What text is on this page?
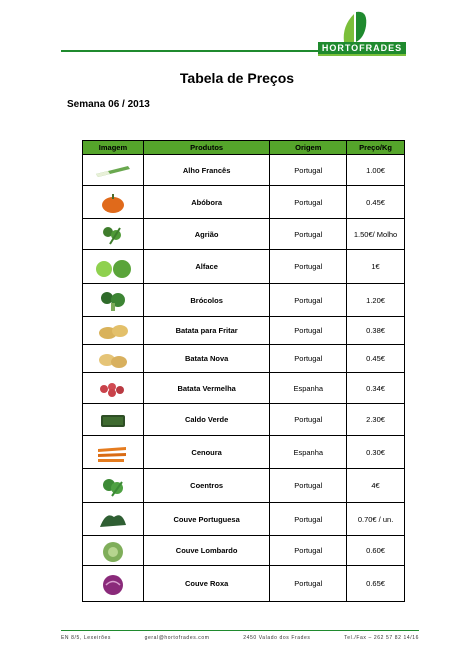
HORTOFRADES
Tabela de Preços
Semana 06 / 2013
Imagem	Produtos	Origem	Preço/Kg
	Alho Francês	Portugal	1.00€
	Abóbora	Portugal	0.45€
	Agrião	Portugal	1.50€/ Molho
	Alface	Portugal	1€
	Brócolos	Portugal	1.20€
	Batata para Fritar	Portugal	0.38€
	Batata Nova	Portugal	0.45€
	Batata Vermelha	Espanha	0.34€
	Caldo Verde	Portugal	2.30€
	Cenoura	Espanha	0.30€
	Coentros	Portugal	4€
	Couve Portuguesa	Portugal	0.70€ / un.
	Couve Lombardo	Portugal	0.60€
	Couve Roxa	Portugal	0.65€
EN 8/5, Lexeirões	geral@hortofrades.com	2450 Valado dos Frades	Tel./Fax – 262 57 82 14/16
